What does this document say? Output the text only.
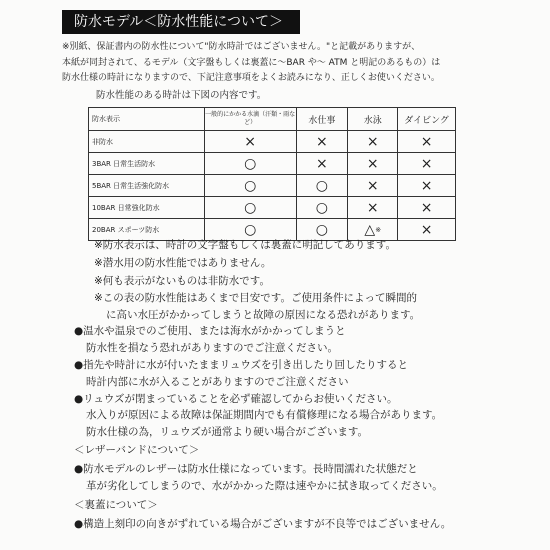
防水モデル＜防水性能について＞
※別紙、保証書内の防水性について"防水時計ではございません。"と記載がありますが、
本紙が同封されて、るモデル（文字盤もしくは裏蓋に～BAR や～ ATM と明記のあるもの）は
防水仕様の時計になりますので、下記注意事項をよくお読みになり、正しくお使いください。
防水性能のある時計は下図の内容です。
防水表示	一般的にかかる水滴（汗類・雨など）	水仕事	水泳	ダイビング
非防水	×	×	×	×
3BAR 日常生活防水	○	×	×	×
5BAR 日常生活強化防水	○	○	×	×
10BAR 日常強化防水	○	○	×	×
20BAR スポーツ防水	○	○	△※	×
※防水表示は、時計の文字盤もしくは裏蓋に明記してあります。
※潜水用の防水性能ではありません。
※何も表示がないものは非防水です。
※この表の防水性能はあくまで目安です。ご使用条件によって瞬間的
に高い水圧がかかってしまうと故障の原因になる恐れがあります。
●温水や温泉でのご使用、または海水がかかってしまうと
防水性を損なう恐れがありますのでご注意ください。
●指先や時計に水が付いたままリュウズを引き出したり回したりすると
時計内部に水が入ることがありますのでご注意ください
●リュウズが閉まっていることを必ず確認してからお使いください。
水入りが原因による故障は保証期間内でも有償修理になる場合があります。
防水仕様の為，リュウズが通常より硬い場合がございます。
＜レザーバンドについて＞
●防水モデルのレザーは防水仕様になっています。長時間濡れた状態だと
革が劣化してしまうので、水がかかった際は速やかに拭き取ってください。
＜裏蓋について＞
●構造上刻印の向きがずれている場合がございますが不良等ではございません。
